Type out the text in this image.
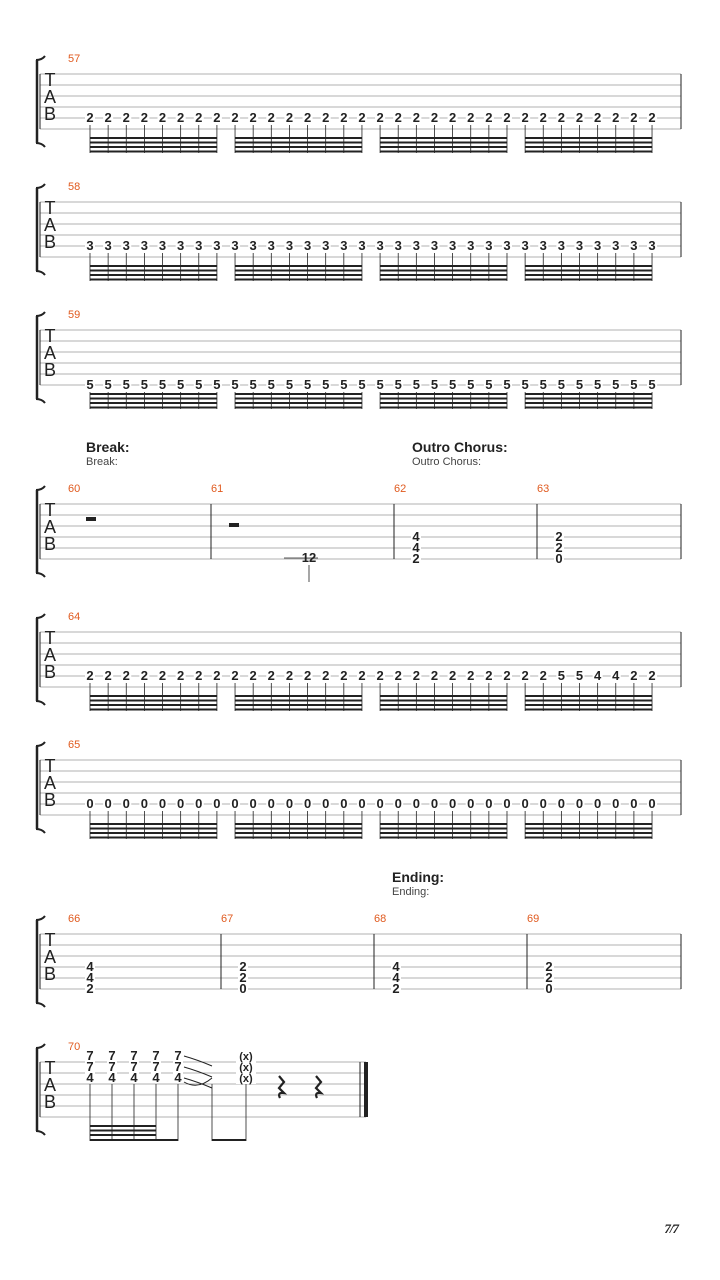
T
A
B
57
2 2 2 2 2 2 2 2 2 2 2 2 2 2 2 2 2 2 2 2 2 2 2 2 2 2 2 2 2 2 2 2
T
A
B
58
3 3 3 3 3 3 3 3 3 3 3 3 3 3 3 3 3 3 3 3 3 3 3 3 3 3 3 3 3 3 3 3
T
A
B
59
5 5 5 5 5 5 5 5 5 5 5 5 5 5 5 5 5 5 5 5 5 5 5 5 5 5 5 5 5 5 5 5
T
A
B
60	61
12
62
4
4
2
63
2
2
0
T
A
B
64
2 2 2 2 2 2 2 2 2 2 2 2 2 2 2 2 2 2 2 2 2 2 2 2 2 2 5 5 4 4 2 2
T
A
B
65
0 0 0 0 0 0 0 0 0 0 0 0 0 0 0 0 0 0 0 0 0 0 0 0 0 0 0 0 0 0 0 0
T
A
B
66
4
4
2
67
2
2
0
68
4
4
2
69
2
2
0
T
A
B
70
7
7
4
7
7
4
7
7
4
7
7
4
7
7
4
(x)
(x)
(x)
Break:
Break:
Outro Chorus:
Outro Chorus:
Ending:
Ending:
7/7
